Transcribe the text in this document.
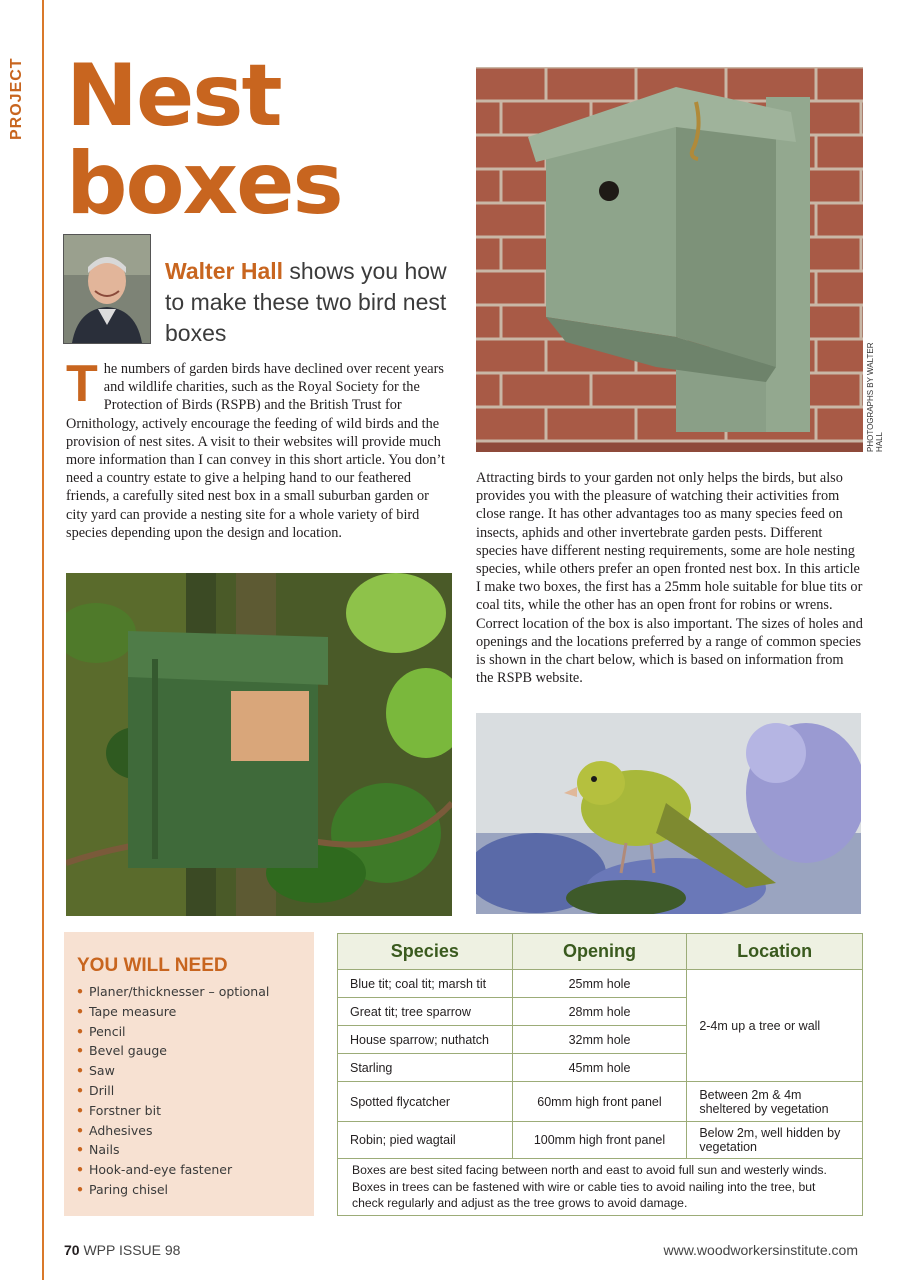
PROJECT Nest
boxes
Walter Hall shows you how to make these two bird nest boxes
The numbers of garden birds have declined over recent years and wildlife charities, such as the Royal Society for the Protection of Birds (RSPB) and the British Trust for Ornithology, actively encourage the feeding of wild birds and the provision of nest sites. A visit to their websites will provide much more information than I can convey in this short article. You don’t need a country estate to give a helping hand to our feathered friends, a carefully sited nest box in a small suburban garden or city yard can provide a nesting site for a whole variety of bird species depending upon the design and location.
PHOTOGRAPHS BY WALTER HALL
Attracting birds to your garden not only helps the birds, but also provides you with the pleasure of watching their activities from close range. It has other advantages too as many species feed on insects, aphids and other invertebrate garden pests. Different species have different nesting requirements, some are hole nesting species, while others prefer an open fronted nest box. In this article I make two boxes, the first has a 25mm hole suitable for blue tits or coal tits, while the other has an open front for robins or wrens. Correct location of the box is also important. The sizes of holes and openings and the locations preferred by a range of common species is shown in the chart below, which is based on information from the RSPB website.
YOU WILL NEED
• Planer/thicknesser – optional
• Tape measure
• Pencil
• Bevel gauge
• Saw
• Drill
• Forstner bit
• Adhesives
• Nails
• Hook-and-eye fastener
• Paring chisel
Species	Opening	Location
Blue tit; coal tit; marsh tit	25mm hole	2-4m up a tree or wall
Great tit; tree sparrow	28mm hole	
House sparrow; nuthatch	32mm hole	
Starling	45mm hole	
Spotted flycatcher	60mm high front panel	Between 2m & 4m sheltered by vegetation
Robin; pied wagtail	100mm high front panel	Below 2m, well hidden by vegetation
Boxes are best sited facing between north and east to avoid full sun and westerly winds. Boxes in trees can be fastened with wire or cable ties to avoid nailing into the tree, but check regularly and adjust as the tree grows to avoid damage.
70 WPP ISSUE 98	www.woodworkersinstitute.com
